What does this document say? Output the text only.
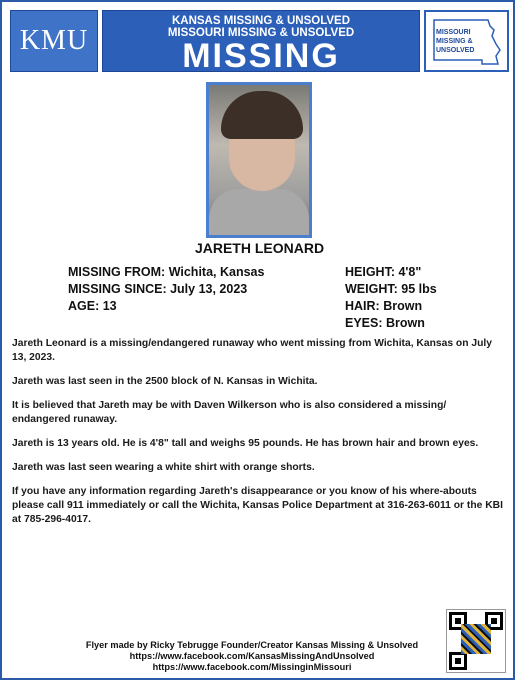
KMU
KANSAS MISSING & UNSOLVED
MISSOURI MISSING & UNSOLVED
MISSING
MISSOURI
MISSING &
UNSOLVED
JARETH LEONARD
MISSING FROM: Wichita, Kansas
MISSING SINCE: July 13, 2023
AGE: 13
HEIGHT: 4'8"
WEIGHT: 95 lbs
HAIR: Brown
EYES: Brown

Jareth Leonard is a missing/endangered runaway who went missing from Wichita, Kansas on July 13, 2023.

Jareth was last seen in the 2500 block of N. Kansas in Wichita.

It is believed that Jareth may be with Daven Wilkerson who is also considered a missing/ endangered runaway.

Jareth is 13 years old. He is 4'8" tall and weighs 95 pounds. He has brown hair and brown eyes.

Jareth was last seen wearing a white shirt with orange shorts.

If you have any information regarding Jareth's disappearance or you know of his where-abouts please call 911 immediately or call the Wichita, Kansas Police Department at 316-263-6011 or the KBI at 785-296-4017.

Flyer made by Ricky Tebrugge Founder/Creator Kansas Missing & Unsolved
https://www.facebook.com/KansasMissingAndUnsolved
https://www.facebook.com/MissinginMissouri
